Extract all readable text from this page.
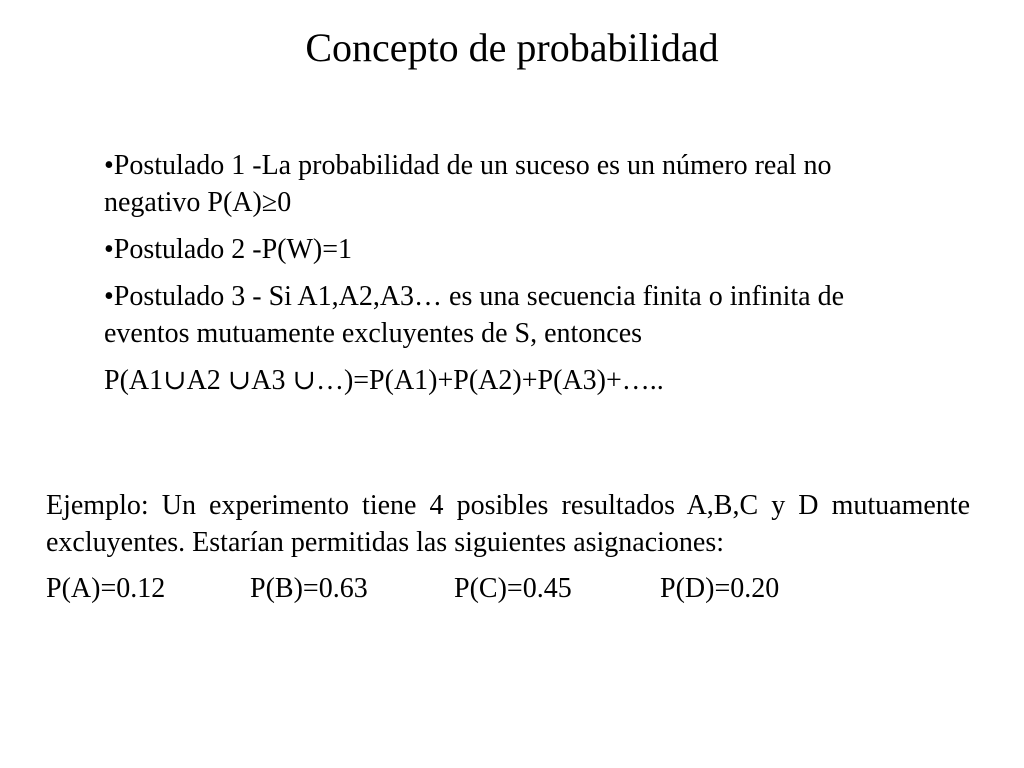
Concepto de probabilidad

•Postulado 1 -La probabilidad de un suceso es un número real no negativo P(A)≥0

•Postulado 2 -P(W)=1

•Postulado 3 - Si A1,A2,A3… es una secuencia finita o infinita de eventos mutuamente excluyentes de S, entonces

P(A1∪A2 ∪A3 ∪…)=P(A1)+P(A2)+P(A3)+…..

Ejemplo: Un experimento tiene 4 posibles resultados A,B,C y D mutuamente excluyentes. Estarían permitidas las siguientes asignaciones:

P(A)=0.12	P(B)=0.63	P(C)=0.45	P(D)=0.20
